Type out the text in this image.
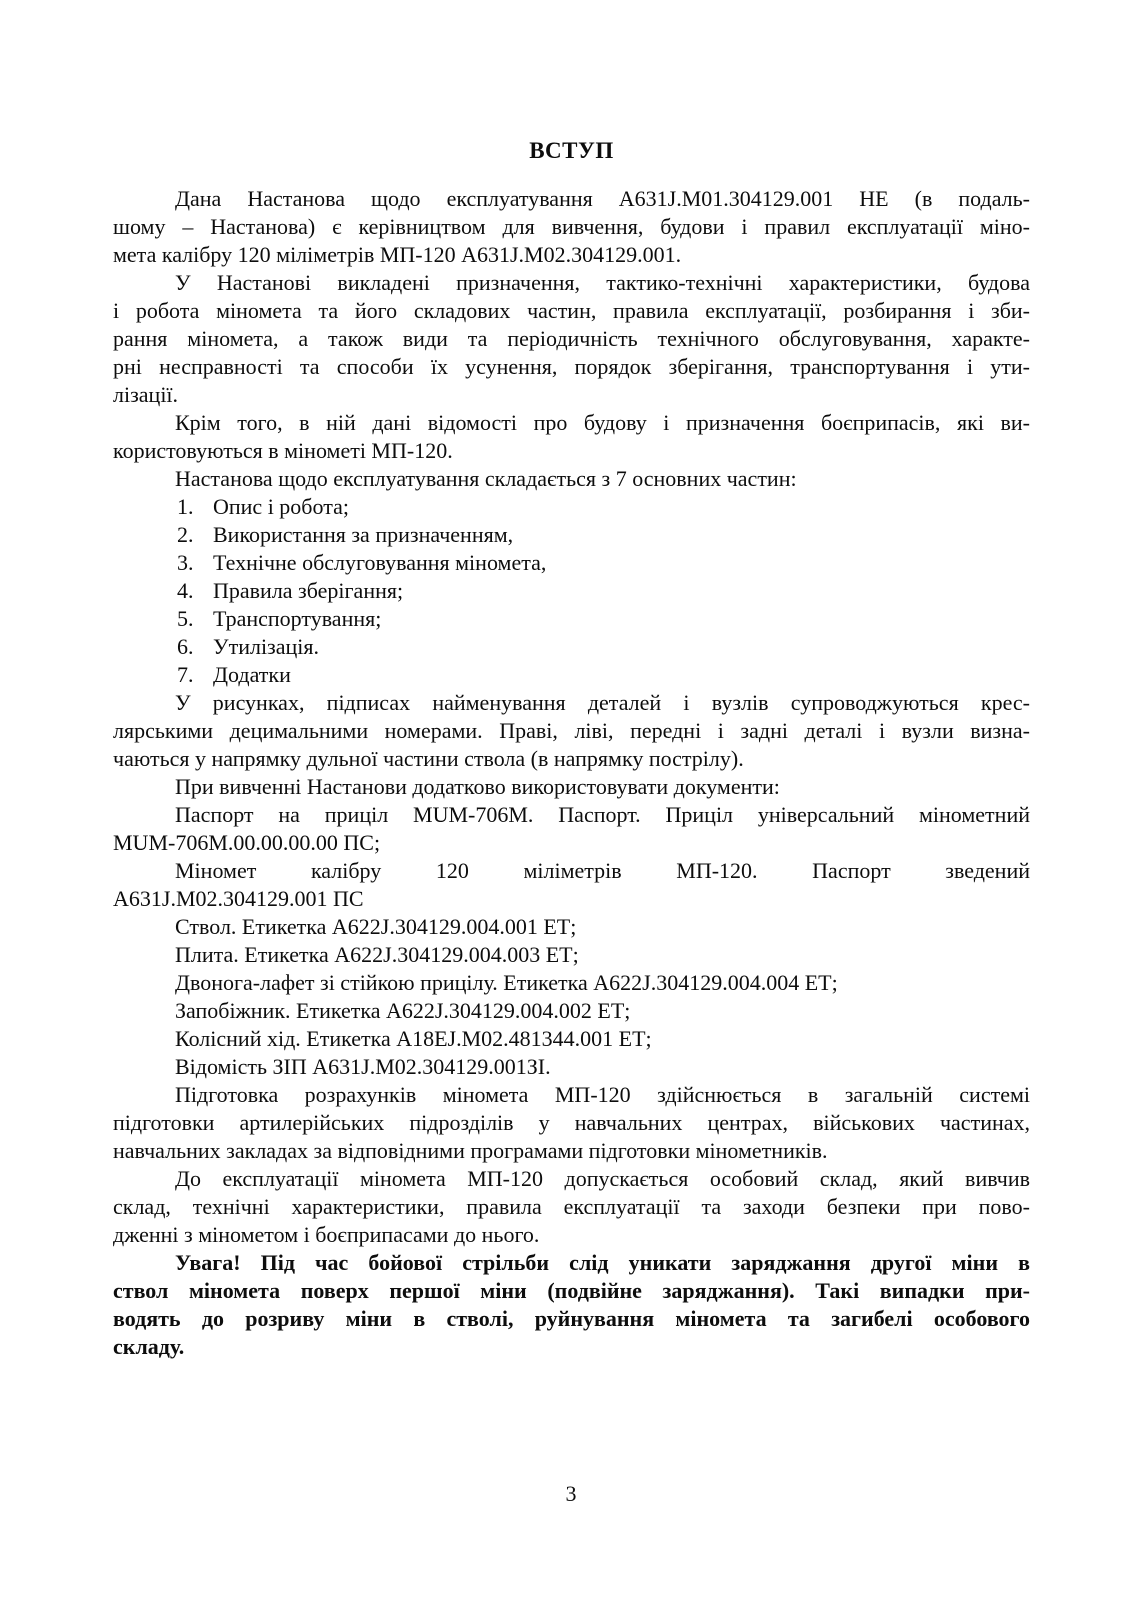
ВСТУП
Дана Настанова щодо експлуатування А631J.М01.304129.001 НЕ (в подаль-
шому – Настанова) є керівництвом для вивчення, будови і правил експлуатації міно-
мета калібру 120 міліметрів МП-120 А631J.М02.304129.001.
У Настанові викладені призначення, тактико-технічні характеристики, будова
і робота міномета та його складових частин, правила експлуатації, розбирання і зби-
рання міномета, а також види та періодичність технічного обслуговування, характе-
рні несправності та способи їх усунення, порядок зберігання, транспортування і ути-
лізації.
Крім того, в ній дані відомості про будову і призначення боєприпасів, які ви-
користовуються в мінометі МП-120.
Настанова щодо експлуатування складається з 7 основних частин:
1. Опис і робота;
2. Використання за призначенням,
3. Технічне обслуговування міномета,
4. Правила зберігання;
5. Транспортування;
6. Утилізація.
7. Додатки
У рисунках, підписах найменування деталей і вузлів супроводжуються крес-
лярськими децимальними номерами. Праві, ліві, передні і задні деталі і вузли визна-
чаються у напрямку дульної частини ствола (в напрямку пострілу).
При вивченні Настанови додатково використовувати документи:
Паспорт на приціл MUM-706М. Паспорт. Приціл універсальний мінометний
MUM-706М.00.00.00.00 ПС;
Міномет калібру 120 міліметрів МП-120. Паспорт зведений
А631J.М02.304129.001 ПС
Ствол. Етикетка А622J.304129.004.001 ЕТ;
Плита. Етикетка А622J.304129.004.003 ЕТ;
Двонога-лафет зі стійкою прицілу. Етикетка А622J.304129.004.004 ЕТ;
Запобіжник. Етикетка А622J.304129.004.002 ЕТ;
Колісний хід. Етикетка А18ЕJ.М02.481344.001 ЕТ;
Відомість ЗІП А631J.М02.304129.001ЗІ.
Підготовка розрахунків міномета МП-120 здійснюється в загальній системі
підготовки артилерійських підрозділів у навчальних центрах, військових частинах,
навчальних закладах за відповідними програмами підготовки мінометників.
До експлуатації міномета МП-120 допускається особовий склад, який вивчив
склад, технічні характеристики, правила експлуатації та заходи безпеки при пово-
дженні з мінометом і боєприпасами до нього.
Увага! Під час бойової стрільби слід уникати заряджання другої міни в
ствол міномета поверх першої міни (подвійне заряджання). Такі випадки при-
водять до розриву міни в стволі, руйнування міномета та загибелі особового
складу.
3
